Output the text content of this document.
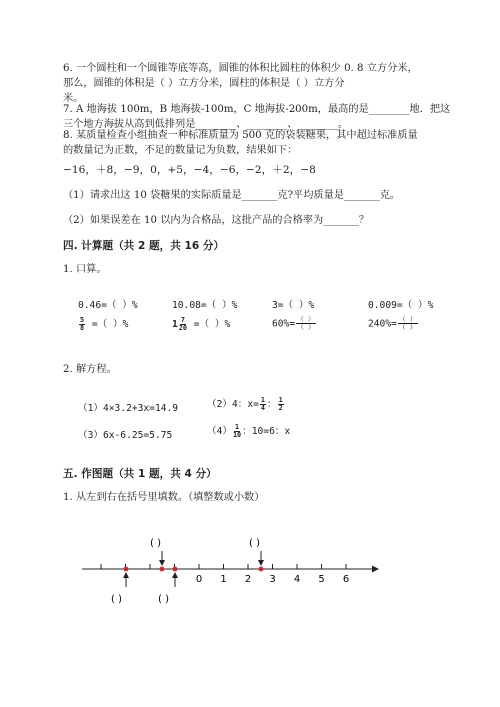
6. 一个圆柱和一个圆锥等底等高，圆锥的体积比圆柱的体积少 0. 8 立方分米，
那么，圆锥的体积是（ ）立方分米，圆柱的体积是（ ）立方分
米。
7. A 地海拔 100m，B 地海拔-100m，C 地海拔-200m，最高的是________地．把这
三个地方海拔从高到低排列是________、________、________。
8. 某质量检查小组抽查一种标准质量为 500 克的袋装糖果，其中超过标准质量
的数量记为正数，不足的数量记为负数，结果如下：
−16，＋8，−9，0，+5，−4，−6，−2，＋2，−8
（1）请求出这 10 袋糖果的实际质量是_______克?平均质量是_______克。
（2）如果误差在 10 以内为合格品，这批产品的合格率为_______？
四. 计算题（共 2 题，共 16 分）
1. 口算。
0.46=（ ）%	10.08=（ ）%	3=（ ）%	0.009=（ ）%
$\frac{5}{8}$ =（ ）%	$1 \frac{7}{20}$ =（ ）%	$60\%= \frac{( )}{( )}$	$240\%= \frac{( )}{( )}$
2. 解方程。
（1）4×3.2+3x=14.9	（2）4：$x= \frac{1}{4}$ ： $\frac{1}{2}$
（3）6x-6.25=5.75	$(4) \frac{1}{10}$ ：10=6：x
五. 作图题（共 1 题，共 4 分）
1. 从左到右在括号里填数。（填整数或小数）
0 1 2 3 4 5 6
( )	( )
( )	( )
